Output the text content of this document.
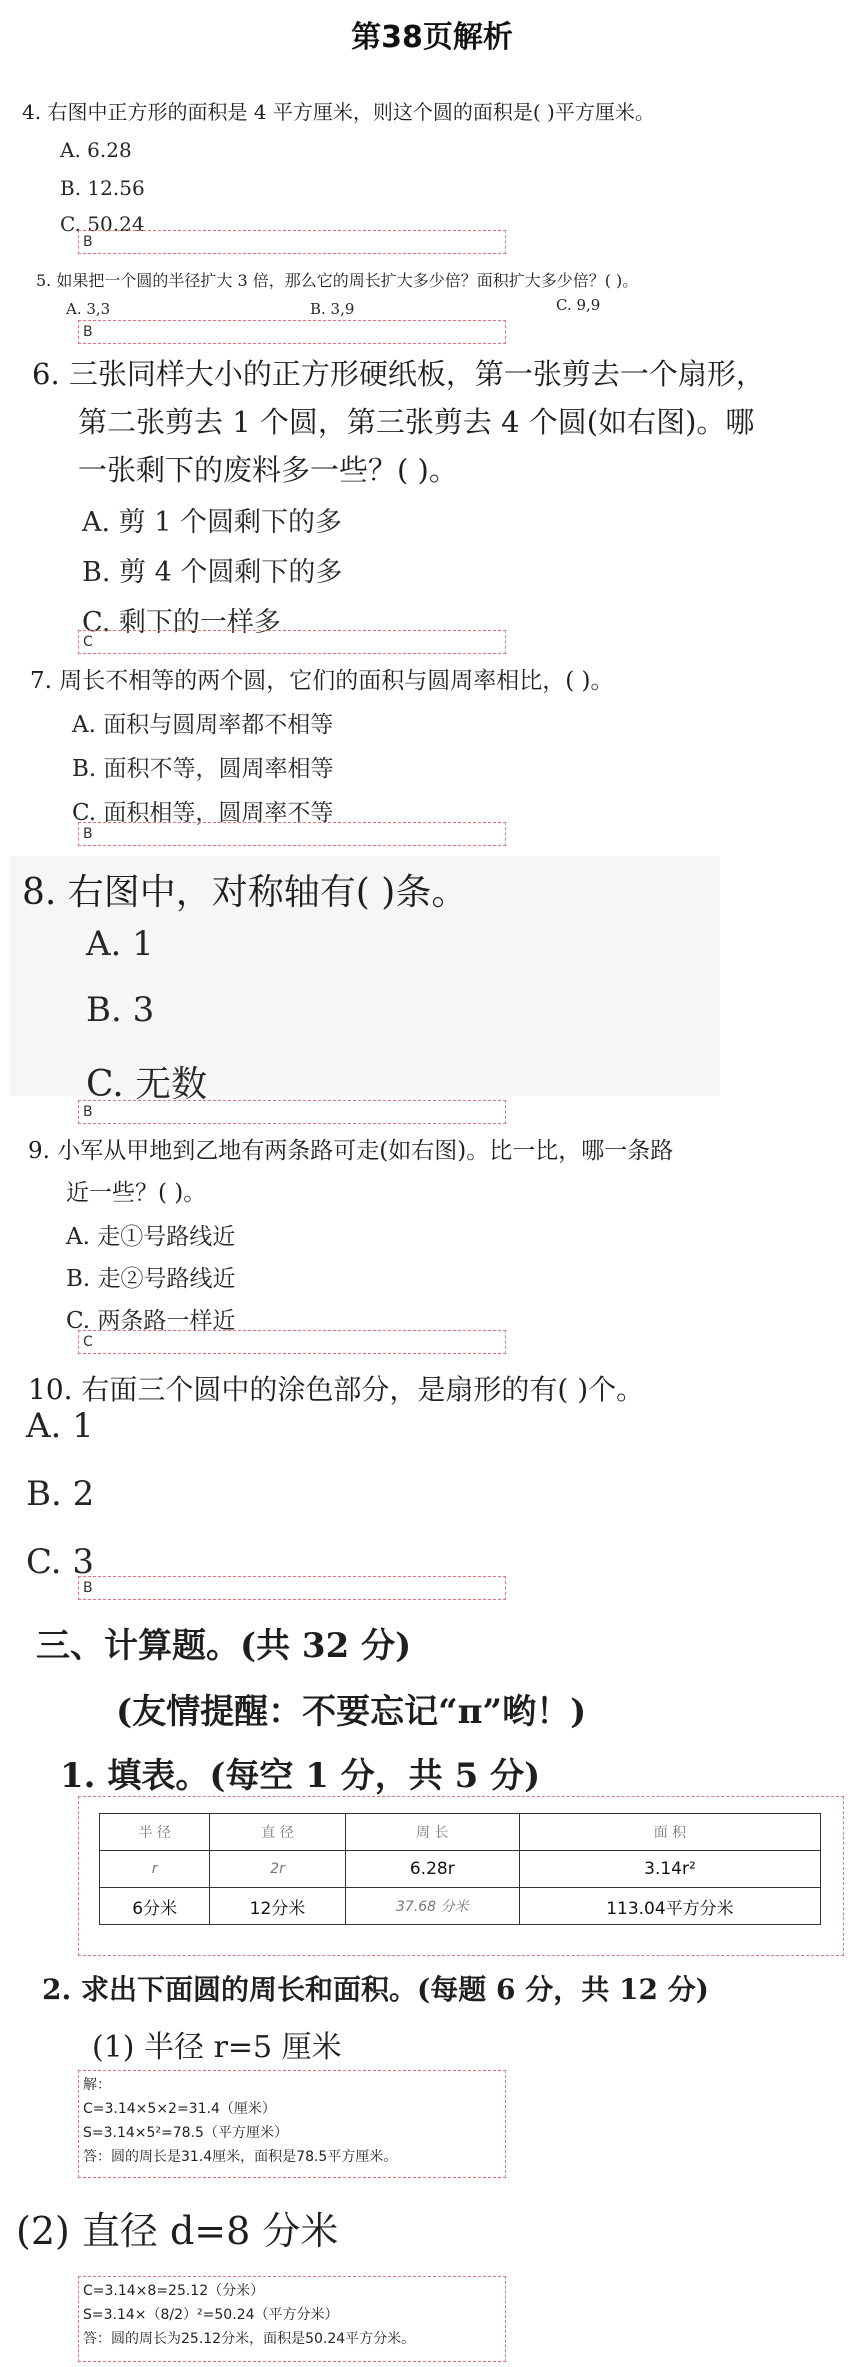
第38页解析
4. 右图中正方形的面积是 4 平方厘米，则这个圆的面积是( )平方厘米。
A. 6.28
B. 12.56
C. 50.24
B
5. 如果把一个圆的半径扩大 3 倍，那么它的周长扩大多少倍？面积扩大多少倍？( )。
A. 3,3	B. 3,9	C. 9,9
B
6. 三张同样大小的正方形硬纸板，第一张剪去一个扇形，
第二张剪去 1 个圆，第三张剪去 4 个圆(如右图)。哪
一张剩下的废料多一些？( )。
A. 剪 1 个圆剩下的多
B. 剪 4 个圆剩下的多
C. 剩下的一样多
C
7. 周长不相等的两个圆，它们的面积与圆周率相比，( )。
A. 面积与圆周率都不相等
B. 面积不等，圆周率相等
C. 面积相等，圆周率不等
B
8. 右图中，对称轴有( )条。
A. 1
B. 3
C. 无数
B
9. 小军从甲地到乙地有两条路可走(如右图)。比一比，哪一条路
近一些？( )。
A. 走①号路线近
B. 走②号路线近
C. 两条路一样近
C
10. 右面三个圆中的涂色部分，是扇形的有( )个。
A. 1
B. 2
C. 3
B
三、计算题。(共 32 分)
(友情提醒：不要忘记“π”哟！)
1. 填表。(每空 1 分，共 5 分)
半 径	直 径	周 长	面 积
r	2r	6.28r	3.14r²
6分米	12分米	37.68 分米	113.04平方分米
2. 求出下面圆的周长和面积。(每题 6 分，共 12 分)
(1) 半径 r=5 厘米
解：
C=3.14×5×2=31.4（厘米）
S=3.14×5²=78.5（平方厘米）
答：圆的周长是31.4厘米，面积是78.5平方厘米。
(2) 直径 d=8 分米
C=3.14×8=25.12（分米）
S=3.14×（8/2）²=50.24（平方分米）
答：圆的周长为25.12分米，面积是50.24平方分米。
